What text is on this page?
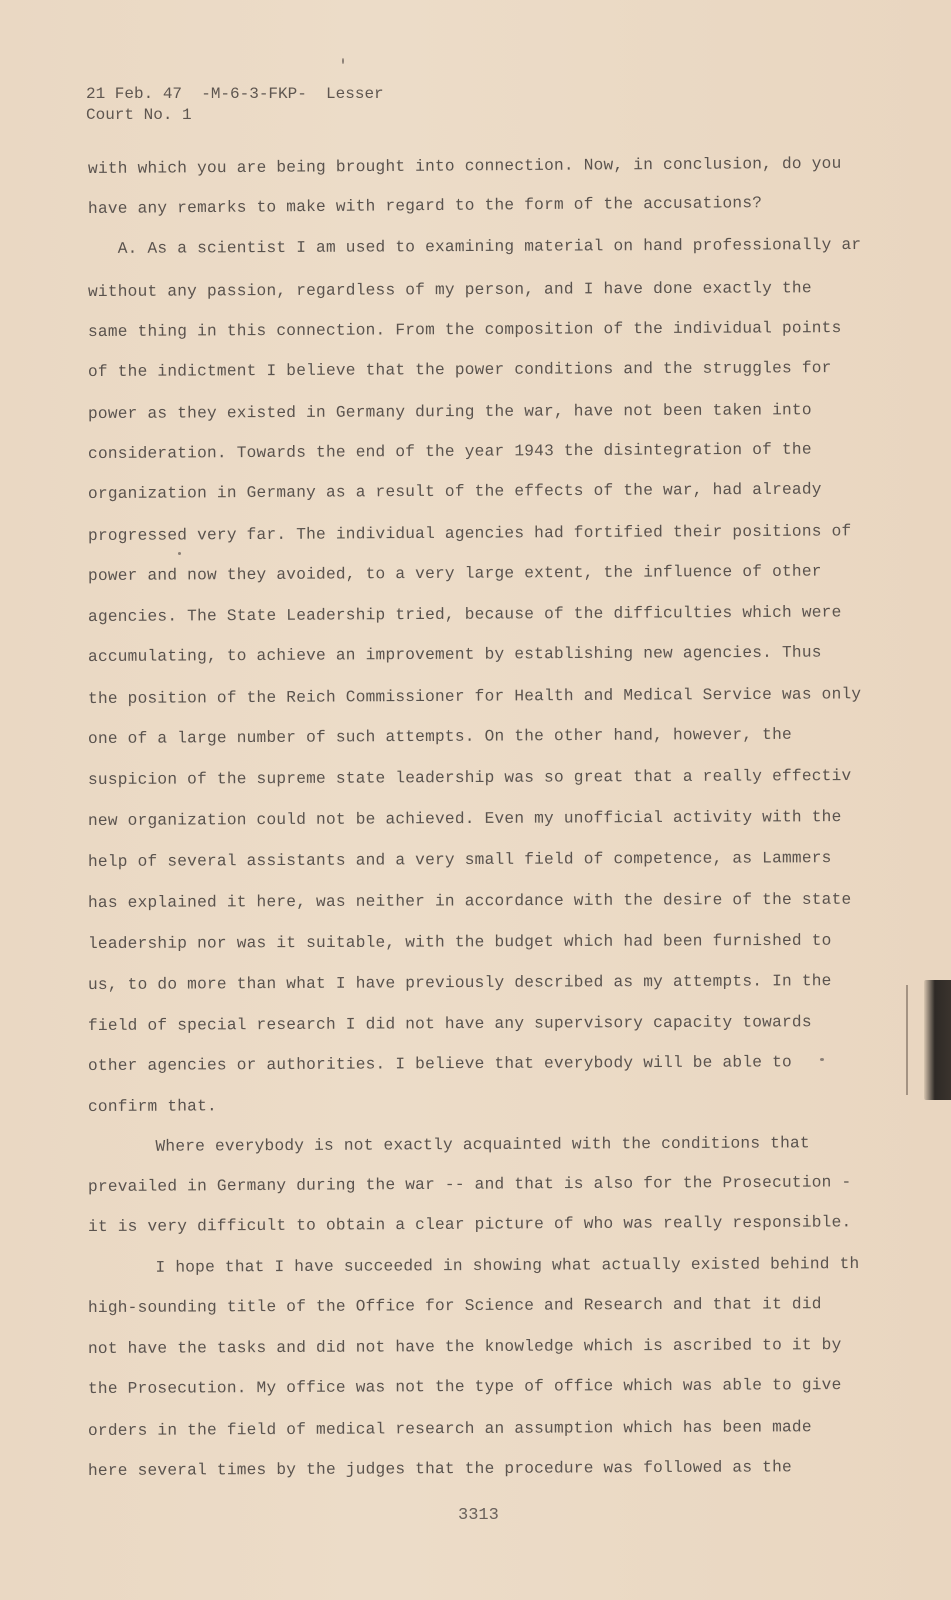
21 Feb. 47  -M-6-3-FKP-  Lesser
Court No. 1
with which you are being brought into connection. Now, in conclusion, do you
have any remarks to make with regard to the form of the accusations?
A. As a scientist I am used to examining material on hand professionally ar
without any passion, regardless of my person, and I have done exactly the
same thing in this connection. From the composition of the individual points
of the indictment I believe that the power conditions and the struggles for
power as they existed in Germany during the war, have not been taken into
consideration. Towards the end of the year 1943 the disintegration of the
organization in Germany as a result of the effects of the war, had already
progressed very far. The individual agencies had fortified their positions of
power and now they avoided, to a very large extent, the influence of other
agencies. The State Leadership tried, because of the difficulties which were
accumulating, to achieve an improvement by establishing new agencies. Thus
the position of the Reich Commissioner for Health and Medical Service was only
one of a large number of such attempts. On the other hand, however, the
suspicion of the supreme state leadership was so great that a really effectiv
new organization could not be achieved. Even my unofficial activity with the
help of several assistants and a very small field of competence, as Lammers
has explained it here, was neither in accordance with the desire of the state
leadership nor was it suitable, with the budget which had been furnished to
us, to do more than what I have previously described as my attempts. In the
field of special research I did not have any supervisory capacity towards
other agencies or authorities. I believe that everybody will be able to
confirm that.
Where everybody is not exactly acquainted with the conditions that
prevailed in Germany during the war -- and that is also for the Prosecution -
it is very difficult to obtain a clear picture of who was really responsible.
I hope that I have succeeded in showing what actually existed behind th
high-sounding title of the Office for Science and Research and that it did
not have the tasks and did not have the knowledge which is ascribed to it by
the Prosecution. My office was not the type of office which was able to give
orders in the field of medical research an assumption which has been made
here several times by the judges that the procedure was followed as the
3313
